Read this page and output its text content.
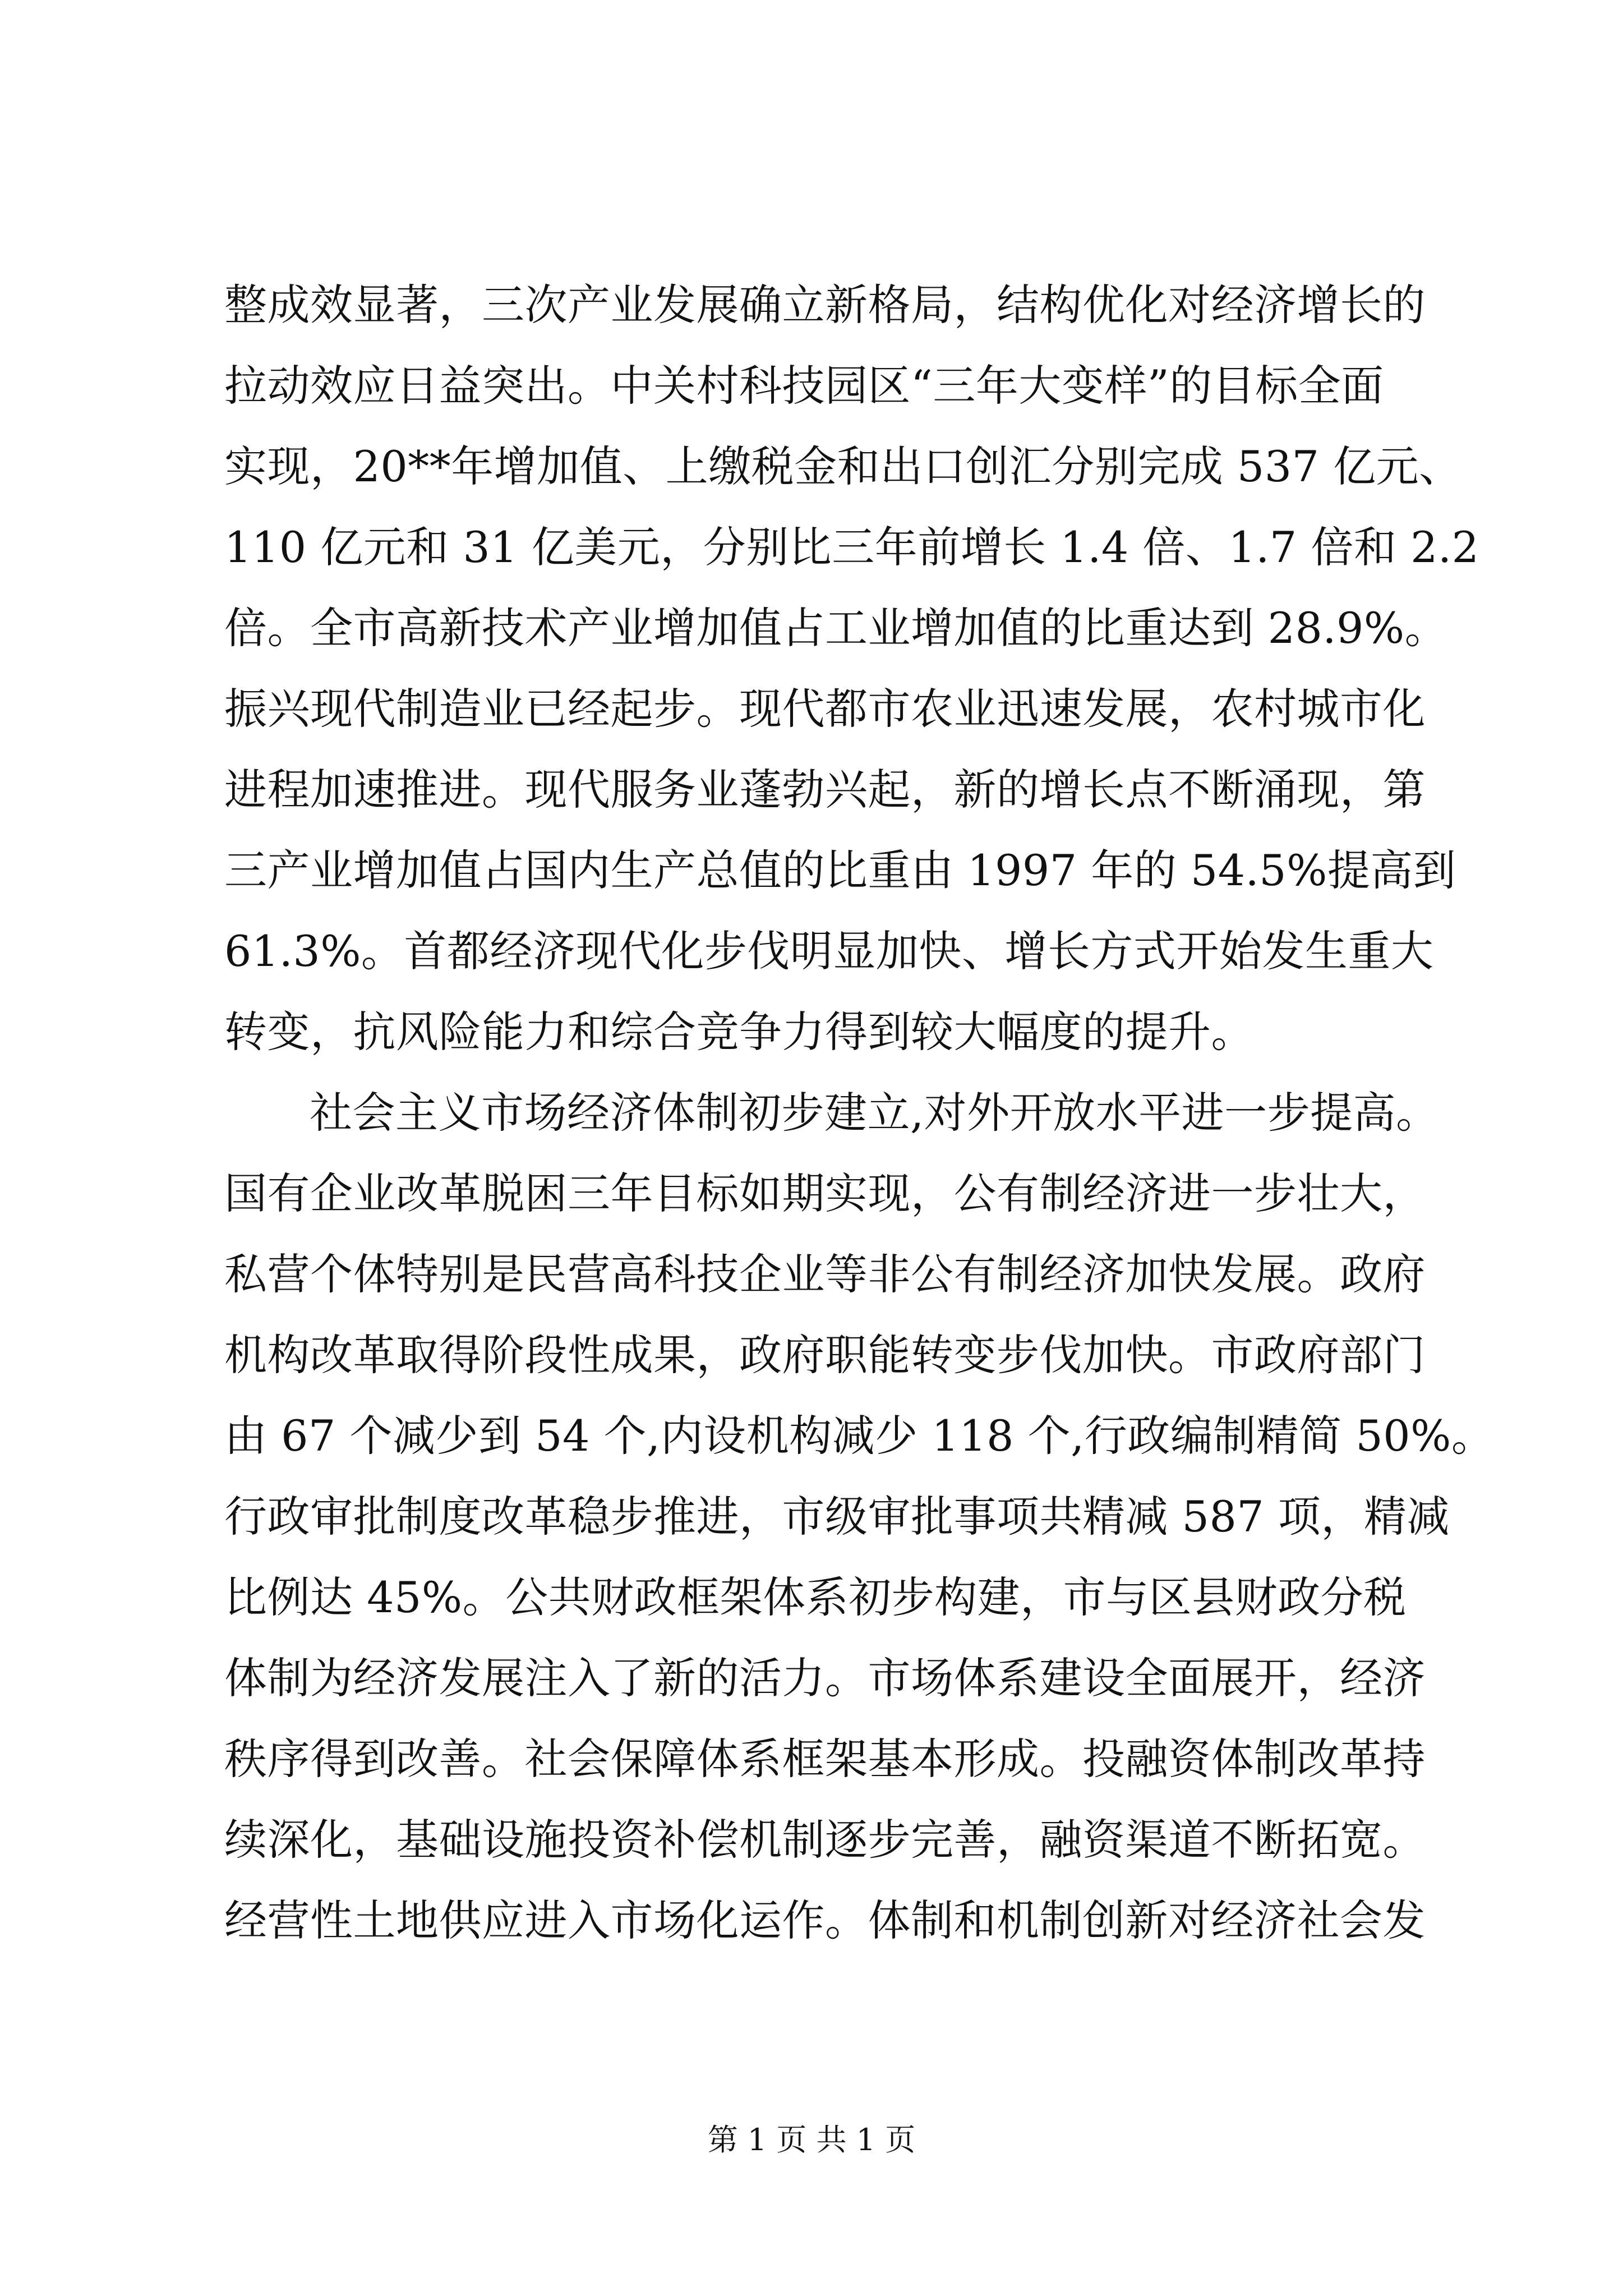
整成效显著，三次产业发展确立新格局，结构优化对经济增长的
拉动效应日益突出。中关村科技园区“三年大变样”的目标全面
实现，20**年增加值、上缴税金和出口创汇分别完成 537 亿元、
110 亿元和 31 亿美元，分别比三年前增长 1.4 倍、1.7 倍和 2.2
倍。全市高新技术产业增加值占工业增加值的比重达到 28.9%。
振兴现代制造业已经起步。现代都市农业迅速发展，农村城市化
进程加速推进。现代服务业蓬勃兴起，新的增长点不断涌现，第
三产业增加值占国内生产总值的比重由 1997 年的 54.5%提高到
61.3%。首都经济现代化步伐明显加快、增长方式开始发生重大
转变，抗风险能力和综合竞争力得到较大幅度的提升。
社会主义市场经济体制初步建立,对外开放水平进一步提高。
国有企业改革脱困三年目标如期实现，公有制经济进一步壮大，
私营个体特别是民营高科技企业等非公有制经济加快发展。政府
机构改革取得阶段性成果，政府职能转变步伐加快。市政府部门
由 67 个减少到 54 个,内设机构减少 118 个,行政编制精简 50%。
行政审批制度改革稳步推进，市级审批事项共精减 587 项，精减
比例达 45%。公共财政框架体系初步构建，市与区县财政分税
体制为经济发展注入了新的活力。市场体系建设全面展开，经济
秩序得到改善。社会保障体系框架基本形成。投融资体制改革持
续深化，基础设施投资补偿机制逐步完善，融资渠道不断拓宽。
经营性土地供应进入市场化运作。体制和机制创新对经济社会发
第 1 页 共 1 页
